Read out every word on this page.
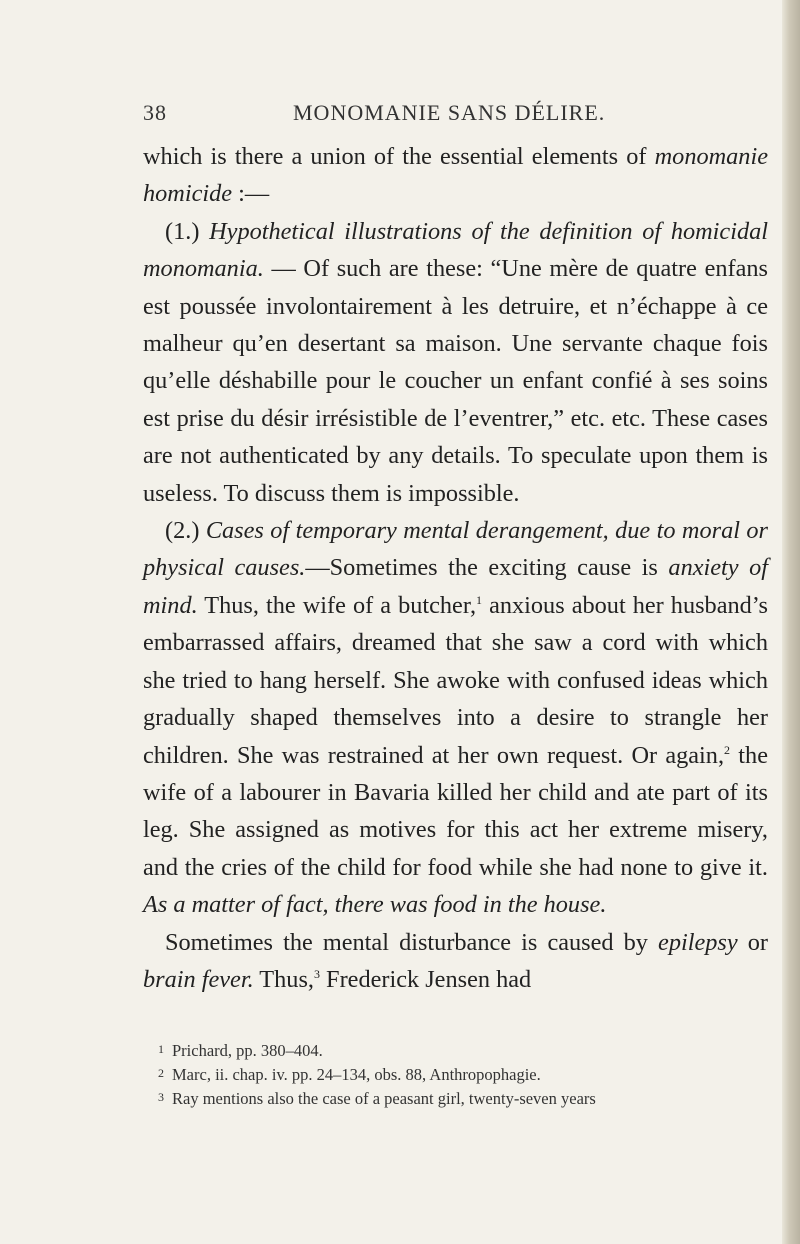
38	MONOMANIE SANS DÉLIRE.

which is there a union of the essential elements of monomanie homicide :—

(1.) Hypothetical illustrations of the definition of homicidal monomania. — Of such are these: “Une mère de quatre enfans est poussée involontairement à les detruire, et n’échappe à ce malheur qu’en desertant sa maison. Une servante chaque fois qu’elle déshabille pour le coucher un enfant confié à ses soins est prise du désir irrésistible de l’eventrer,” etc. etc. These cases are not authenticated by any details. To speculate upon them is useless. To discuss them is impossible.

(2.) Cases of temporary mental derangement, due to moral or physical causes.—Sometimes the exciting cause is anxiety of mind. Thus, the wife of a butcher,$^1$ anxious about her husband’s embarrassed affairs, dreamed that she saw a cord with which she tried to hang herself. She awoke with confused ideas which gradually shaped themselves into a desire to strangle her children. She was restrained at her own request. Or again,$^2$ the wife of a labourer in Bavaria killed her child and ate part of its leg. She assigned as motives for this act her extreme misery, and the cries of the child for food while she had none to give it. As a matter of fact, there was food in the house.

Sometimes the mental disturbance is caused by epilepsy or brain fever. Thus,$^3$ Frederick Jensen had

1 Prichard, pp. 380–404.
2 Marc, ii. chap. iv. pp. 24–134, obs. 88, Anthropophagie.
3 Ray mentions also the case of a peasant girl, twenty-seven years
